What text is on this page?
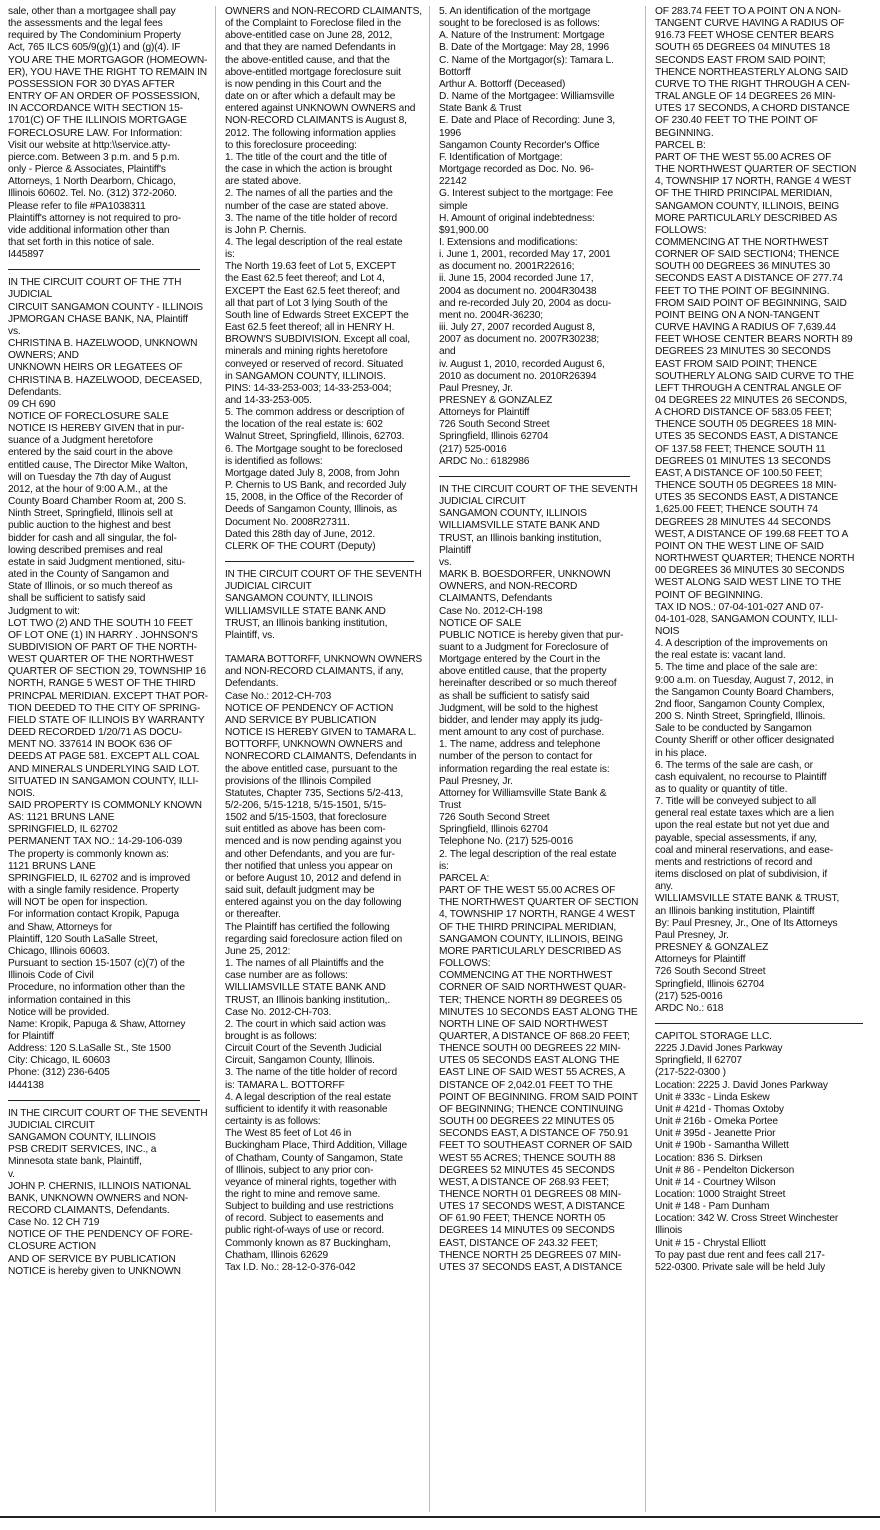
sale, other than a mortgagee shall pay
the assessments and the legal fees
required by The Condominium Property
Act, 765 ILCS 605/9(g)(1) and (g)(4). IF
YOU ARE THE MORTGAGOR (HOMEOWN-
ER), YOU HAVE THE RIGHT TO REMAIN IN
POSSESSION FOR 30 DYAS AFTER
ENTRY OF AN ORDER OF POSSESSION,
IN ACCORDANCE WITH SECTION 15-
1701(C) OF THE ILLINOIS MORTGAGE
FORECLOSURE LAW. For Information:
Visit our website at http:\\service.atty-
pierce.com. Between 3 p.m. and 5 p.m.
only - Pierce & Associates, Plaintiff's
Attorneys, 1 North Dearborn, Chicago,
Illinois 60602. Tel. No. (312) 372-2060.
Please refer to file #PA1038311
Plaintiff's attorney is not required to pro-
vide additional information other than
that set forth in this notice of sale.
I445897
IN THE CIRCUIT COURT OF THE 7TH
JUDICIAL
CIRCUIT SANGAMON COUNTY - ILLINOIS
JPMORGAN CHASE BANK, NA, Plaintiff
vs.
CHRISTINA B. HAZELWOOD, UNKNOWN
OWNERS; AND
UNKNOWN HEIRS OR LEGATEES OF
CHRISTINA B. HAZELWOOD, DECEASED,
Defendants.
09 CH 690
NOTICE OF FORECLOSURE SALE
NOTICE IS HEREBY GIVEN that in pur-
suance of a Judgment heretofore
entered by the said court in the above
entitled cause, The Director Mike Walton,
will on Tuesday the 7th day of August
2012, at the hour of 9:00 A.M., at the
County Board Chamber Room at, 200 S.
Ninth Street, Springfield, Illinois sell at
public auction to the highest and best
bidder for cash and all singular, the fol-
lowing described premises and real
estate in said Judgment mentioned, situ-
ated in the County of Sangamon and
State of Illinois, or so much thereof as
shall be sufficient to satisfy said
Judgment to wit:
LOT TWO (2) AND THE SOUTH 10 FEET
OF LOT ONE (1) IN HARRY . JOHNSON'S
SUBDIVISION OF PART OF THE NORTH-
WEST QUARTER OF THE NORTHWEST
QUARTER OF SECTION 29, TOWNSHIP 16
NORTH, RANGE 5 WEST OF THE THIRD
PRINCPAL MERIDIAN. EXCEPT THAT POR-
TION DEEDED TO THE CITY OF SPRING-
FIELD STATE OF ILLINOIS BY WARRANTY
DEED RECORDED 1/20/71 AS DOCU-
MENT NO. 337614 IN BOOK 636 OF
DEEDS AT PAGE 581. EXCEPT ALL COAL
AND MINERALS UNDERLYING SAID LOT.
SITUATED IN SANGAMON COUNTY, ILLI-
NOIS.
SAID PROPERTY IS COMMONLY KNOWN
AS: 1121 BRUNS LANE
SPRINGFIELD, IL 62702
PERMANENT TAX NO.: 14-29-106-039
The property is commonly known as:
1121 BRUNS LANE
SPRINGFIELD, IL 62702 and is improved
with a single family residence. Property
will NOT be open for inspection.
For information contact Kropik, Papuga
and Shaw, Attorneys for
Plaintiff, 120 South LaSalle Street,
Chicago, Illinois 60603.
Pursuant to section 15-1507 (c)(7) of the
Illinois Code of Civil
Procedure, no information other than the
information contained in this
Notice will be provided.
Name: Kropik, Papuga & Shaw, Attorney
for Plaintiff
Address: 120 S.LaSalle St., Ste 1500
City: Chicago, IL 60603
Phone: (312) 236-6405
I444138
IN THE CIRCUIT COURT OF THE SEVENTH
JUDICIAL CIRCUIT
SANGAMON COUNTY, ILLINOIS
PSB CREDIT SERVICES, INC., a
Minnesota state bank, Plaintiff,
v.
JOHN P. CHERNIS, ILLINOIS NATIONAL
BANK, UNKNOWN OWNERS and NON-
RECORD CLAIMANTS, Defendants.
Case No. 12 CH 719
NOTICE OF THE PENDENCY OF FORE-
CLOSURE ACTION
AND OF SERVICE BY PUBLICATION
NOTICE is hereby given to UNKNOWN
OWNERS and NON-RECORD CLAIMANTS,
of the Complaint to Foreclose filed in the
above-entitled case on June 28, 2012,
and that they are named Defendants in
the above-entitled cause, and that the
above-entitled mortgage foreclosure suit
is now pending in this Court and the
date on or after which a default may be
entered against UNKNOWN OWNERS and
NON-RECORD CLAIMANTS is August 8,
2012. The following information applies
to this foreclosure proceeding:
1. The title of the court and the title of
the case in which the action is brought
are stated above.
2. The names of all the parties and the
number of the case are stated above.
3. The name of the title holder of record
is John P. Chernis.
4. The legal description of the real estate
is:
The North 19.63 feet of Lot 5, EXCEPT
the East 62.5 feet thereof; and Lot 4,
EXCEPT the East 62.5 feet thereof; and
all that part of Lot 3 lying South of the
South line of Edwards Street EXCEPT the
East 62.5 feet thereof; all in HENRY H.
BROWN'S SUBDIVISION. Except all coal,
minerals and mining rights heretofore
conveyed or reserved of record. Situated
in SANGAMON COUNTY, ILLINOIS.
PINS: 14-33-253-003; 14-33-253-004;
and 14-33-253-005.
5. The common address or description of
the location of the real estate is: 602
Walnut Street, Springfield, Illinois, 62703.
6. The Mortgage sought to be foreclosed
is identified as follows:
Mortgage dated July 8, 2008, from John
P. Chernis to US Bank, and recorded July
15, 2008, in the Office of the Recorder of
Deeds of Sangamon County, Illinois, as
Document No. 2008R27311.
Dated this 28th day of June, 2012.
CLERK OF THE COURT (Deputy)
IN THE CIRCUIT COURT OF THE SEVENTH
JUDICIAL CIRCUIT
SANGAMON COUNTY, ILLINOIS
WILLIAMSVILLE STATE BANK AND
TRUST, an Illinois banking institution,
Plaintiff, vs.

TAMARA BOTTORFF, UNKNOWN OWNERS
and NON-RECORD CLAIMANTS, if any,
Defendants.
Case No.: 2012-CH-703
NOTICE OF PENDENCY OF ACTION
AND SERVICE BY PUBLICATION
NOTICE IS HEREBY GIVEN to TAMARA L.
BOTTORFF, UNKNOWN OWNERS and
NONRECORD CLAIMANTS, Defendants in
the above entitled case, pursuant to the
provisions of the Illinois Compiled
Statutes, Chapter 735, Sections 5/2-413,
5/2-206, 5/15-1218, 5/15-1501, 5/15-
1502 and 5/15-1503, that foreclosure
suit entitled as above has been com-
menced and is now pending against you
and other Defendants, and you are fur-
ther notified that unless you appear on
or before August 10, 2012 and defend in
said suit, default judgment may be
entered against you on the day following
or thereafter.
The Plaintiff has certified the following
regarding said foreclosure action filed on
June 25, 2012:
1. The names of all Plaintiffs and the
case number are as follows:
WILLIAMSVILLE STATE BANK AND
TRUST, an Illinois banking institution,.
Case No. 2012-CH-703.
2. The court in which said action was
brought is as follows:
Circuit Court of the Seventh Judicial
Circuit, Sangamon County, Illinois.
3. The name of the title holder of record
is: TAMARA L. BOTTORFF
4. A legal description of the real estate
sufficient to identify it with reasonable
certainty is as follows:
The West 85 feet of Lot 46 in
Buckingham Place, Third Addition, Village
of Chatham, County of Sangamon, State
of Illinois, subject to any prior con-
veyance of mineral rights, together with
the right to mine and remove same.
Subject to building and use restrictions
of record. Subject to easements and
public right-of-ways of use or record.
Commonly known as 87 Buckingham,
Chatham, Illinois 62629
Tax I.D. No.: 28-12-0-376-042
5. An identification of the mortgage
sought to be foreclosed is as follows:
A. Nature of the Instrument: Mortgage
B. Date of the Mortgage: May 28, 1996
C. Name of the Mortgagor(s): Tamara L.
Bottorff
Arthur A. Bottorff (Deceased)
D. Name of the Mortgagee: Williamsville
State Bank & Trust
E. Date and Place of Recording: June 3,
1996
Sangamon County Recorder's Office
F. Identification of Mortgage:
Mortgage recorded as Doc. No. 96-
22142
G. Interest subject to the mortgage: Fee
simple
H. Amount of original indebtedness:
$91,900.00
I. Extensions and modifications:
i. June 1, 2001, recorded May 17, 2001
as document no. 2001R22616;
ii. June 15, 2004 recorded June 17,
2004 as document no. 2004R30438
and re-recorded July 20, 2004 as docu-
ment no. 2004R-36230;
iii. July 27, 2007 recorded August 8,
2007 as document no. 2007R30238;
and
iv. August 1, 2010, recorded August 6,
2010 as document no. 2010R26394
Paul Presney, Jr.
PRESNEY & GONZALEZ
Attorneys for Plaintiff
726 South Second Street
Springfield, Illinois 62704
(217) 525-0016
ARDC No.: 6182986
IN THE CIRCUIT COURT OF THE SEVENTH
JUDICIAL CIRCUIT
SANGAMON COUNTY, ILLINOIS
WILLIAMSVILLE STATE BANK AND
TRUST, an Illinois banking institution,
Plaintiff
vs.
MARK B. BOESDORFER, UNKNOWN
OWNERS, and NON-RECORD
CLAIMANTS, Defendants
Case No. 2012-CH-198
NOTICE OF SALE
PUBLIC NOTICE is hereby given that pur-
suant to a Judgment for Foreclosure of
Mortgage entered by the Court in the
above entitled cause, that the property
hereinafter described or so much thereof
as shall be sufficient to satisfy said
Judgment, will be sold to the highest
bidder, and lender may apply its judg-
ment amount to any cost of purchase.
1. The name, address and telephone
number of the person to contact for
information regarding the real estate is:
Paul Presney, Jr.
Attorney for Williamsville State Bank &
Trust
726 South Second Street
Springfield, Illinois 62704
Telephone No. (217) 525-0016
2. The legal description of the real estate
is:
PARCEL A:
PART OF THE WEST 55.00 ACRES OF
THE NORTHWEST QUARTER OF SECTION
4, TOWNSHIP 17 NORTH, RANGE 4 WEST
OF THE THIRD PRINCIPAL MERIDIAN,
SANGAMON COUNTY, ILLINOIS, BEING
MORE PARTICULARLY DESCRIBED AS
FOLLOWS:
COMMENCING AT THE NORTHWEST
CORNER OF SAID NORTHWEST QUAR-
TER; THENCE NORTH 89 DEGREES 05
MINUTES 10 SECONDS EAST ALONG THE
NORTH LINE OF SAID NORTHWEST
QUARTER, A DISTANCE OF 868.20 FEET;
THENCE SOUTH 00 DEGREES 22 MIN-
UTES 05 SECONDS EAST ALONG THE
EAST LINE OF SAID WEST 55 ACRES, A
DISTANCE OF 2,042.01 FEET TO THE
POINT OF BEGINNING. FROM SAID POINT
OF BEGINNING; THENCE CONTINUING
SOUTH 00 DEGREES 22 MINUTES 05
SECONDS EAST, A DISTANCE OF 750.91
FEET TO SOUTHEAST CORNER OF SAID
WEST 55 ACRES; THENCE SOUTH 88
DEGREES 52 MINUTES 45 SECONDS
WEST, A DISTANCE OF 268.93 FEET;
THENCE NORTH 01 DEGREES 08 MIN-
UTES 17 SECONDS WEST, A DISTANCE
OF 61.90 FEET; THENCE NORTH 05
DEGREES 14 MINUTES 09 SECONDS
EAST, DISTANCE OF 243.32 FEET;
THENCE NORTH 25 DEGREES 07 MIN-
UTES 37 SECONDS EAST, A DISTANCE
OF 283.74 FEET TO A POINT ON A NON-
TANGENT CURVE HAVING A RADIUS OF
916.73 FEET WHOSE CENTER BEARS
SOUTH 65 DEGREES 04 MINUTES 18
SECONDS EAST FROM SAID POINT;
THENCE NORTHEASTERLY ALONG SAID
CURVE TO THE RIGHT THROUGH A CEN-
TRAL ANGLE OF 14 DEGREES 26 MIN-
UTES 17 SECONDS, A CHORD DISTANCE
OF 230.40 FEET TO THE POINT OF
BEGINNING.
PARCEL B:
PART OF THE WEST 55.00 ACRES OF
THE NORTHWEST QUARTER OF SECTION
4, TOWNSHIP 17 NORTH, RANGE 4 WEST
OF THE THIRD PRINCIPAL MERIDIAN,
SANGAMON COUNTY, ILLINOIS, BEING
MORE PARTICULARLY DESCRIBED AS
FOLLOWS:
COMMENCING AT THE NORTHWEST
CORNER OF SAID SECTION4; THENCE
SOUTH 00 DEGREES 36 MINUTES 30
SECONDS EAST A DISTANCE OF 277.74
FEET TO THE POINT OF BEGINNING.
FROM SAID POINT OF BEGINNING, SAID
POINT BEING ON A NON-TANGENT
CURVE HAVING A RADIUS OF 7,639.44
FEET WHOSE CENTER BEARS NORTH 89
DEGREES 23 MINUTES 30 SECONDS
EAST FROM SAID POINT; THENCE
SOUTHERLY ALONG SAID CURVE TO THE
LEFT THROUGH A CENTRAL ANGLE OF
04 DEGREES 22 MINUTES 26 SECONDS,
A CHORD DISTANCE OF 583.05 FEET;
THENCE SOUTH 05 DEGREES 18 MIN-
UTES 35 SECONDS EAST, A DISTANCE
OF 137.58 FEET; THENCE SOUTH 11
DEGREES 01 MINUTES 13 SECONDS
EAST, A DISTANCE OF 100.50 FEET;
THENCE SOUTH 05 DEGREES 18 MIN-
UTES 35 SECONDS EAST, A DISTANCE
1,625.00 FEET; THENCE SOUTH 74
DEGREES 28 MINUTES 44 SECONDS
WEST, A DISTANCE OF 199.68 FEET TO A
POINT ON THE WEST LINE OF SAID
NORTHWEST QUARTER; THENCE NORTH
00 DEGREES 36 MINUTES 30 SECONDS
WEST ALONG SAID WEST LINE TO THE
POINT OF BEGINNING.
TAX ID NOS.: 07-04-101-027 AND 07-
04-101-028, SANGAMON COUNTY, ILLI-
NOIS
4. A description of the improvements on
the real estate is: vacant land.
5. The time and place of the sale are:
9:00 a.m. on Tuesday, August 7, 2012, in
the Sangamon County Board Chambers,
2nd floor, Sangamon County Complex,
200 S. Ninth Street, Springfield, Illinois.
Sale to be conducted by Sangamon
County Sheriff or other officer designated
in his place.
6. The terms of the sale are cash, or
cash equivalent, no recourse to Plaintiff
as to quality or quantity of title.
7. Title will be conveyed subject to all
general real estate taxes which are a lien
upon the real estate but not yet due and
payable, special assessments, if any,
coal and mineral reservations, and ease-
ments and restrictions of record and
items disclosed on plat of subdivision, if
any.
WILLIAMSVILLE STATE BANK & TRUST,
an Illinois banking institution, Plaintiff
By: Paul Presney, Jr., One of Its Attorneys
Paul Presney, Jr.
PRESNEY & GONZALEZ
Attorneys for Plaintiff
726 South Second Street
Springfield, Illinois 62704
(217) 525-0016
ARDC No.: 618
CAPITOL STORAGE LLC.
2225 J.David Jones Parkway
Springfield, Il 62707
(217-522-0300 )
Location: 2225 J. David Jones Parkway
Unit # 333c - Linda Eskew
Unit # 421d - Thomas Oxtoby
Unit # 216b - Omeka Portee
Unit # 395d - Jeanette Prior
Unit # 190b - Samantha Willett
Location: 836 S. Dirksen
Unit # 86 - Pendelton Dickerson
Unit # 14 - Courtney Wilson
Location: 1000 Straight Street
Unit # 148 - Pam Dunham
Location: 342 W. Cross Street Winchester
Illinois
Unit # 15 - Chrystal Elliott
To pay past due rent and fees call 217-
522-0300. Private sale will be held July
